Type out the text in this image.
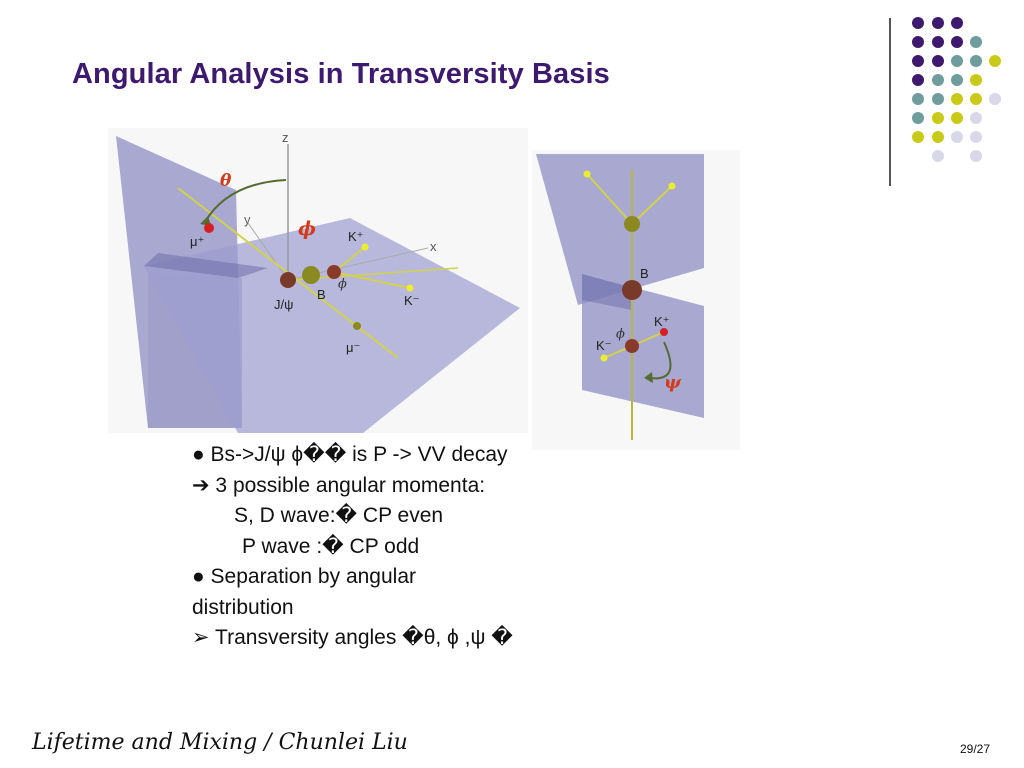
Angular Analysis in Transversity Basis
z
y
x
θ
ϕ
ϕ
μ⁺
μ⁻
K⁺
K⁻
J/ψ
B
B
K⁺
K⁻
ϕ
ψ
● Bs->J/ψ ϕ�� is P -> VV decay
➔ 3 possible angular momenta:
S, D wave:� CP even
P wave :� CP odd
● Separation by angular
distribution
➢ Transversity angles �θ, ϕ ,ψ �
Lifetime and Mixing / Chunlei Liu	29/27
